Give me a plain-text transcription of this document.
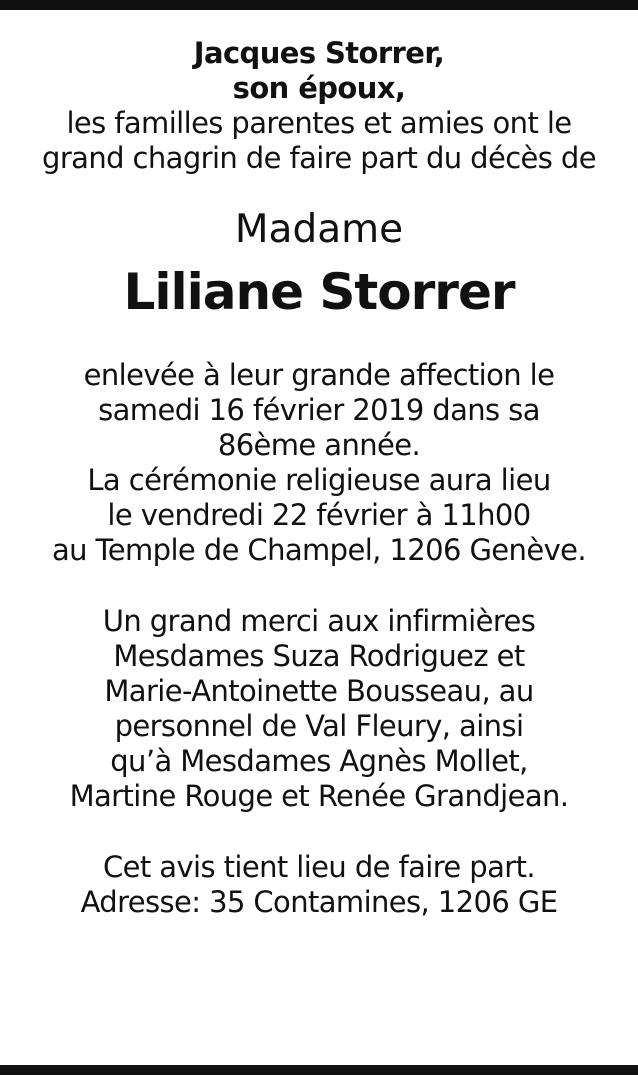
Jacques Storrer,
son époux,
les familles parentes et amies ont le
grand chagrin de faire part du décès de
Madame
Liliane Storrer
enlevée à leur grande affection le
samedi 16 février 2019 dans sa
86ème année.
La cérémonie religieuse aura lieu
le vendredi 22 février à 11h00
au Temple de Champel, 1206 Genève.
Un grand merci aux infirmières
Mesdames Suza Rodriguez et
Marie-Antoinette Bousseau, au
personnel de Val Fleury, ainsi
qu’à Mesdames Agnès Mollet,
Martine Rouge et Renée Grandjean.
Cet avis tient lieu de faire part.
Adresse: 35 Contamines, 1206 GE
